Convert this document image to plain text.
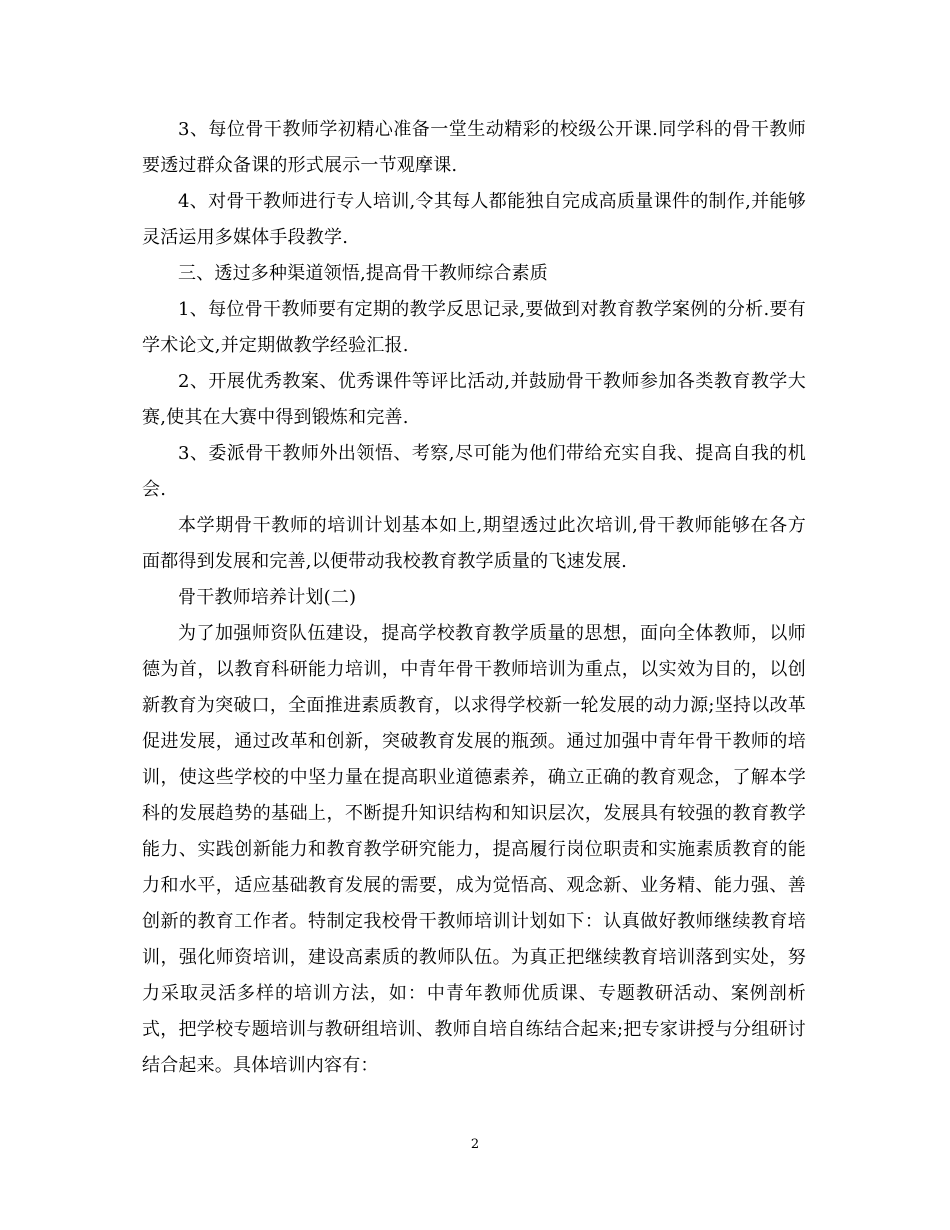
3、每位骨干教师学初精心准备一堂生动精彩的校级公开课.同学科的骨干教师要透过群众备课的形式展示一节观摩课.

4、对骨干教师进行专人培训,令其每人都能独自完成高质量课件的制作,并能够灵活运用多媒体手段教学.

三、透过多种渠道领悟,提高骨干教师综合素质

1、每位骨干教师要有定期的教学反思记录,要做到对教育教学案例的分析.要有学术论文,并定期做教学经验汇报.

2、开展优秀教案、优秀课件等评比活动,并鼓励骨干教师参加各类教育教学大赛,使其在大赛中得到锻炼和完善.

3、委派骨干教师外出领悟、考察,尽可能为他们带给充实自我、提高自我的机会.

本学期骨干教师的培训计划基本如上,期望透过此次培训,骨干教师能够在各方面都得到发展和完善,以便带动我校教育教学质量的飞速发展.

骨干教师培养计划(二)

为了加强师资队伍建设，提高学校教育教学质量的思想，面向全体教师，以师德为首，以教育科研能力培训，中青年骨干教师培训为重点，以实效为目的，以创新教育为突破口，全面推进素质教育，以求得学校新一轮发展的动力源;坚持以改革促进发展，通过改革和创新，突破教育发展的瓶颈。通过加强中青年骨干教师的培训，使这些学校的中坚力量在提高职业道德素养，确立正确的教育观念，了解本学科的发展趋势的基础上，不断提升知识结构和知识层次，发展具有较强的教育教学能力、实践创新能力和教育教学研究能力，提高履行岗位职责和实施素质教育的能力和水平，适应基础教育发展的需要，成为觉悟高、观念新、业务精、能力强、善创新的教育工作者。特制定我校骨干教师培训计划如下：认真做好教师继续教育培训，强化师资培训，建设高素质的教师队伍。为真正把继续教育培训落到实处，努力采取灵活多样的培训方法，如：中青年教师优质课、专题教研活动、案例剖析式，把学校专题培训与教研组培训、教师自培自练结合起来;把专家讲授与分组研讨结合起来。具体培训内容有：

2
